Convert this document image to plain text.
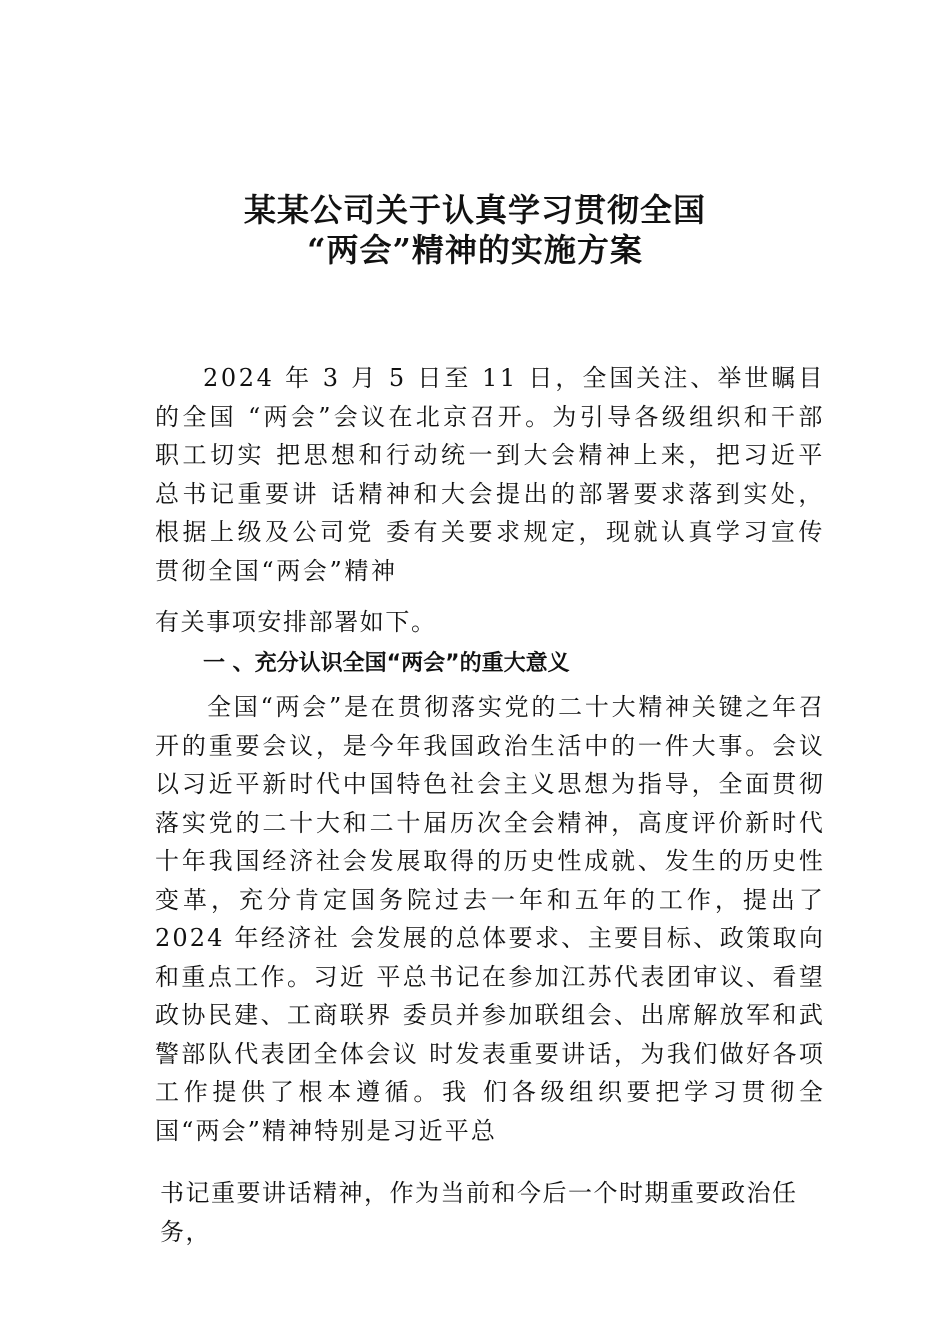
某某公司关于认真学习贯彻全国
“两会”精神的实施方案

2024 年 3 月 5 日至 11 日，全国关注、举世瞩目的全国 “两会”会议在北京召开。为引导各级组织和干部职工切实 把思想和行动统一到大会精神上来，把习近平总书记重要讲 话精神和大会提出的部署要求落到实处，根据上级及公司党 委有关要求规定，现就认真学习宣传贯彻全国“两会”精神

有关事项安排部署如下。

一 、充分认识全国“两会”的重大意义

全国“两会”是在贯彻落实党的二十大精神关键之年召开的重要会议，是今年我国政治生活中的一件大事。会议以习近平新时代中国特色社会主义思想为指导，全面贯彻落实党的二十大和二十届历次全会精神，高度评价新时代十年我国经济社会发展取得的历史性成就、发生的历史性变革，充分肯定国务院过去一年和五年的工作，提出了2024 年经济社 会发展的总体要求、主要目标、政策取向和重点工作。习近 平总书记在参加江苏代表团审议、看望政协民建、工商联界 委员并参加联组会、出席解放军和武警部队代表团全体会议 时发表重要讲话，为我们做好各项工作提供了根本遵循。我 们各级组织要把学习贯彻全国“两会”精神特别是习近平总

书记重要讲话精神，作为当前和今后一个时期重要政治任务，
